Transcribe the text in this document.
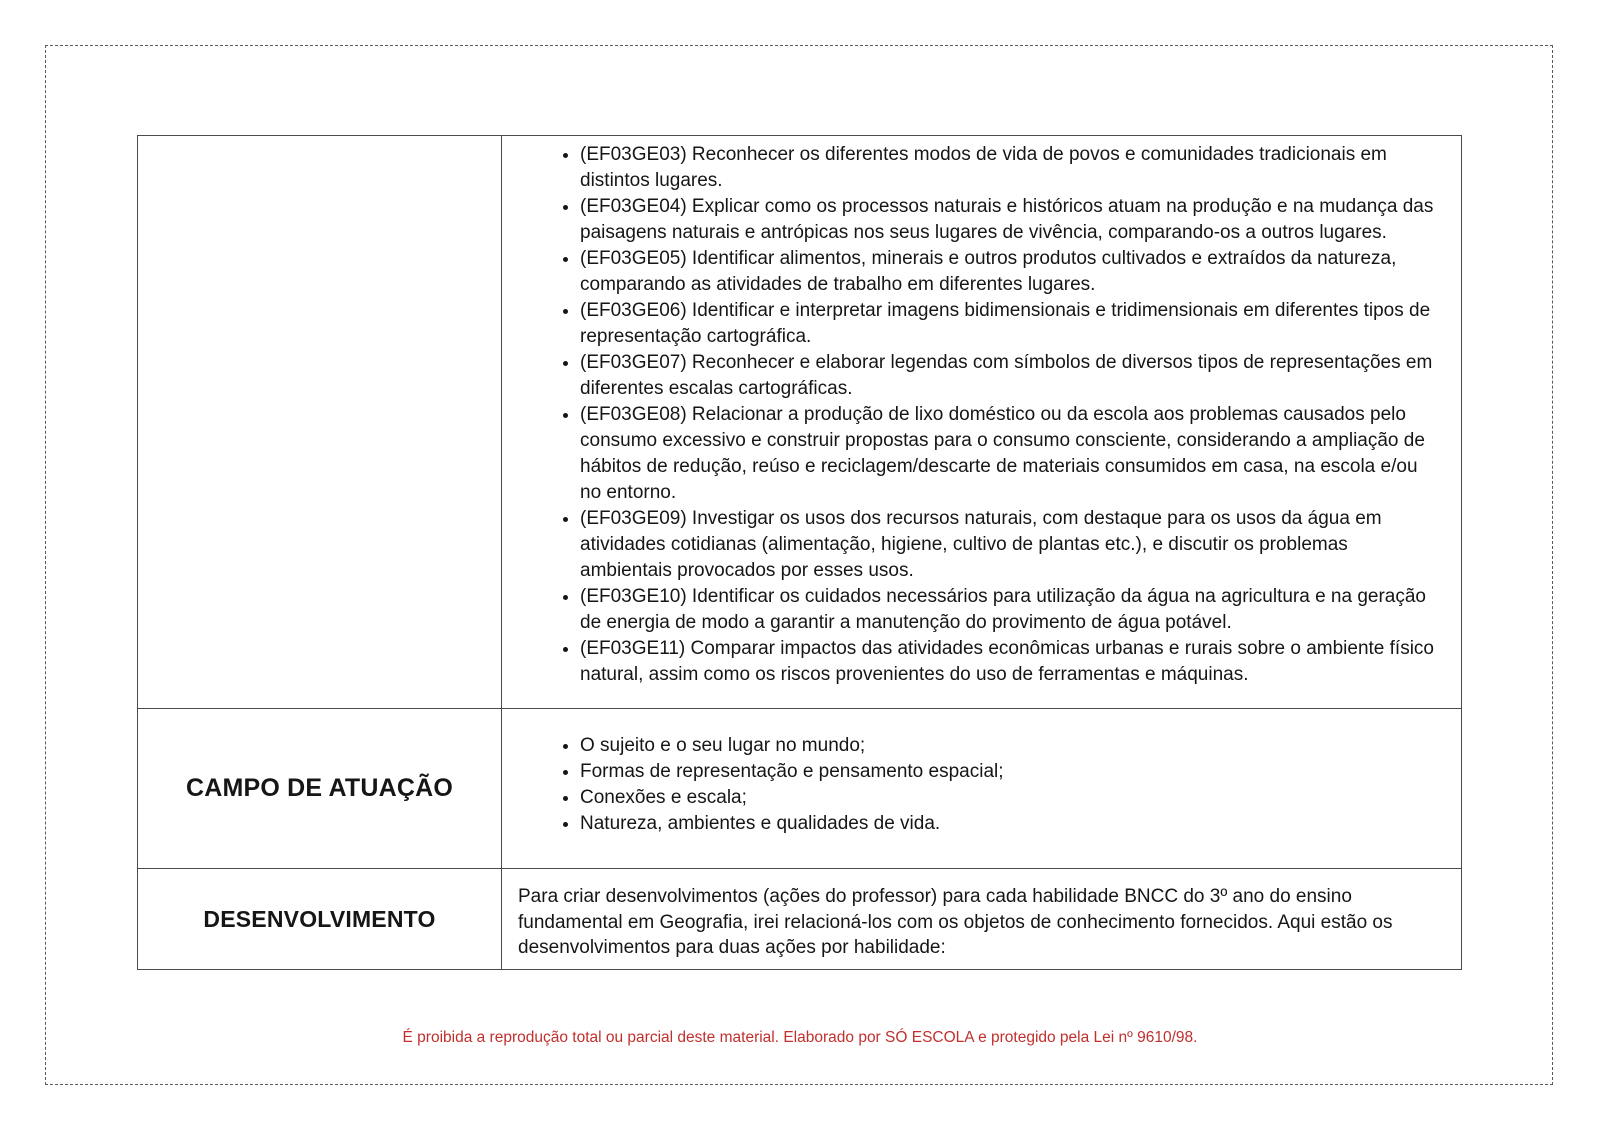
• (EF03GE03) Reconhecer os diferentes modos de vida de povos e comunidades tradicionais em distintos lugares.
• (EF03GE04) Explicar como os processos naturais e históricos atuam na produção e na mudança das paisagens naturais e antrópicas nos seus lugares de vivência, comparando-os a outros lugares.
• (EF03GE05) Identificar alimentos, minerais e outros produtos cultivados e extraídos da natureza, comparando as atividades de trabalho em diferentes lugares.
• (EF03GE06) Identificar e interpretar imagens bidimensionais e tridimensionais em diferentes tipos de representação cartográfica.
• (EF03GE07) Reconhecer e elaborar legendas com símbolos de diversos tipos de representações em diferentes escalas cartográficas.
• (EF03GE08) Relacionar a produção de lixo doméstico ou da escola aos problemas causados pelo consumo excessivo e construir propostas para o consumo consciente, considerando a ampliação de hábitos de redução, reúso e reciclagem/descarte de materiais consumidos em casa, na escola e/ou no entorno.
• (EF03GE09) Investigar os usos dos recursos naturais, com destaque para os usos da água em atividades cotidianas (alimentação, higiene, cultivo de plantas etc.), e discutir os problemas ambientais provocados por esses usos.
• (EF03GE10) Identificar os cuidados necessários para utilização da água na agricultura e na geração de energia de modo a garantir a manutenção do provimento de água potável.
• (EF03GE11) Comparar impactos das atividades econômicas urbanas e rurais sobre o ambiente físico natural, assim como os riscos provenientes do uso de ferramentas e máquinas.
CAMPO DE ATUAÇÃO
• O sujeito e o seu lugar no mundo;
• Formas de representação e pensamento espacial;
• Conexões e escala;
• Natureza, ambientes e qualidades de vida.
DESENVOLVIMENTO

Para criar desenvolvimentos (ações do professor) para cada habilidade BNCC do 3º ano do ensino fundamental em Geografia, irei relacioná-los com os objetos de conhecimento fornecidos. Aqui estão os desenvolvimentos para duas ações por habilidade:

É proibida a reprodução total ou parcial deste material. Elaborado por SÓ ESCOLA e protegido pela Lei nº 9610/98.
